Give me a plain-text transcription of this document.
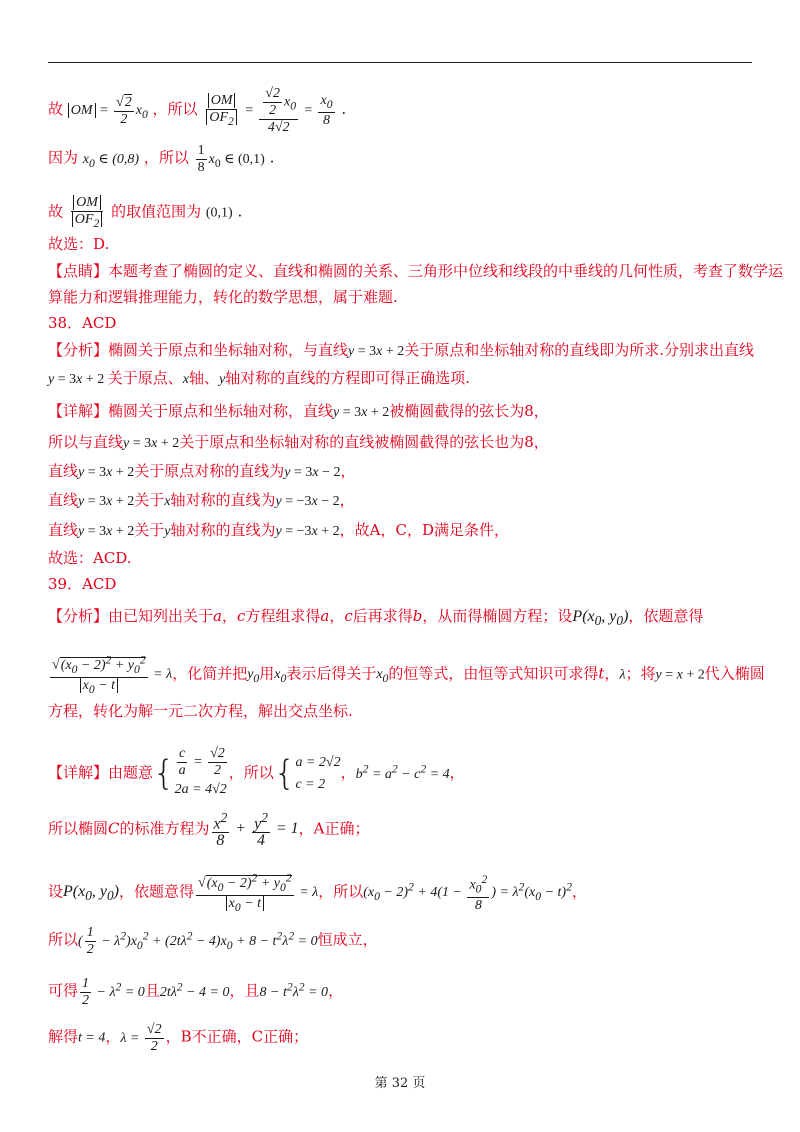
故 OM = $\frac{√2}{2} x_0$ ，所以 $\frac{OM}{OF_2} = \frac{\frac{√2}{2} x_0}{4√2} = \frac{x_0}{8}$ .
因为 $x_0$ ∈ (0,8) ，所以 $\frac{1}{8} x_0$ ∈ (0,1) .
故 $\frac{OM}{OF_2}$ 的取值范围为 (0,1) .
故选：D.
【点睛】本题考查了椭圆的定义、直线和椭圆的关系、三角形中位线和线段的中垂线的几何性质，考查了数学运
算能力和逻辑推理能力，转化的数学思想，属于难题.
38．ACD
【分析】椭圆关于原点和坐标轴对称，与直线y = 3x + 2关于原点和坐标轴对称的直线即为所求.分别求出直线
y = 3x + 2 关于原点、x轴、y轴对称的直线的方程即可得正确选项.
【详解】椭圆关于原点和坐标轴对称，直线y = 3x + 2被椭圆截得的弦长为8，
所以与直线y = 3x + 2关于原点和坐标轴对称的直线被椭圆截得的弦长也为8，
直线y = 3x + 2关于原点对称的直线为y = 3x − 2，
直线y = 3x + 2关于x轴对称的直线为y = −3x − 2，
直线y = 3x + 2关于y轴对称的直线为y = −3x + 2，故A，C，D满足条件，
故选：ACD.
39．ACD
【分析】由已知列出关于a，c方程组求得a，c后再求得b，从而得椭圆方程；设$P(x_0$, $y_0$)，依题意得
$\frac{√(x_0 - 2)^2 + y_0^2}{x_0 - t} = \lambda$，化简并把$y_0$用$x_0$表示后得关于$x_0$的恒等式，由恒等式知识可求得t，λ；将y = x + 2代入椭圆
方程，转化为解一元二次方程，解出交点坐标.
【详解】由题意{ $\frac{c}{a} = \frac{√2}{2}$
2a = 4√2
，所以{ a = 2√2
c = 2
，$b^2 = a^2 - c^2 = 4$，
所以椭圆C的标准方程为 $\frac{x^2}{8} + \frac{y^2}{4} = 1$，A正确；
设$P(x_0$, $y_0$)，依题意得 $\frac{√(x_0 - 2)^2 + y_0^2}{x_0 - t} = \lambda$，所以$(x_0 - 2)^2 + 4(1 - \frac{x_0^2}{8}$ ) = $\lambda^2(x_0 - t)^2$，
所以( $\frac{1}{2} - \lambda^2)x_0^2 + (2t\lambda^2 - 4)x_0 + 8 - t^2\lambda^2 = 0$恒成立，
可得 $\frac{1}{2} - \lambda^2 = 0$且$2t\lambda^2 - 4 = 0$，且$8 - t^2\lambda^2 = 0$，
解得t = 4，$\lambda = \frac{√2}{2}$ ，B不正确，C正确；
第 32 页
